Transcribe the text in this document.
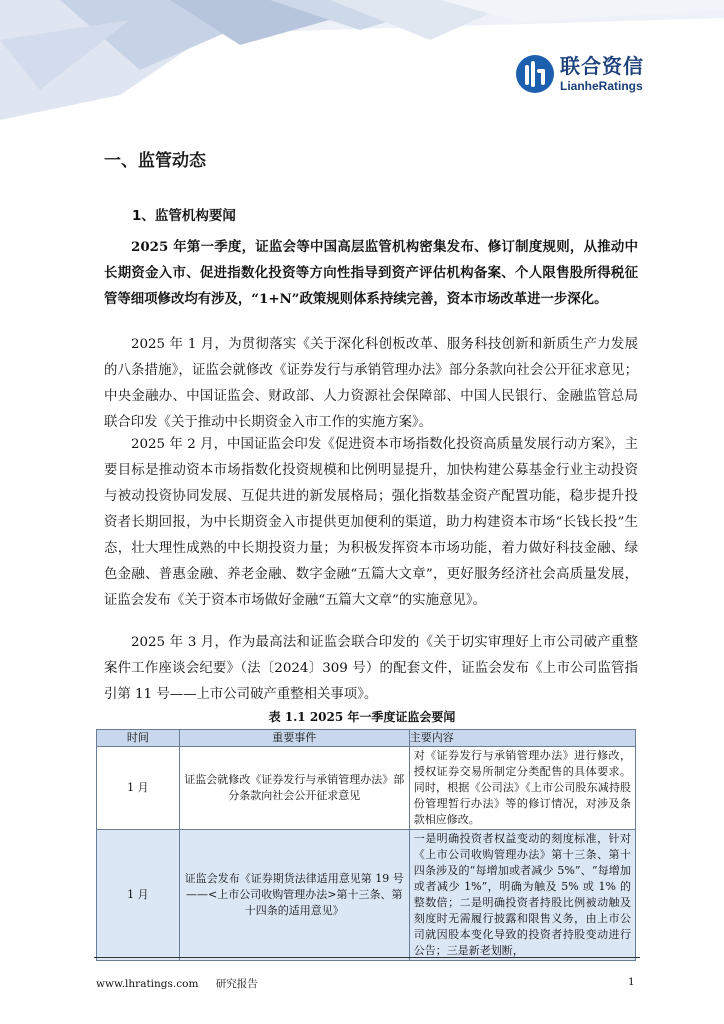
联合资信
LianheRatings
一、监管动态
1、监管机构要闻

2025 年第一季度，证监会等中国高层监管机构密集发布、修订制度规则，从推动中长期资金入市、促进指数化投资等方向性指导到资产评估机构备案、个人限售股所得税征管等细项修改均有涉及，“1+N”政策规则体系持续完善，资本市场改革进一步深化。

2025 年 1 月，为贯彻落实《关于深化科创板改革、服务科技创新和新质生产力发展的八条措施》，证监会就修改《证券发行与承销管理办法》部分条款向社会公开征求意见；中央金融办、中国证监会、财政部、人力资源社会保障部、中国人民银行、金融监管总局联合印发《关于推动中长期资金入市工作的实施方案》。

2025 年 2 月，中国证监会印发《促进资本市场指数化投资高质量发展行动方案》，主要目标是推动资本市场指数化投资规模和比例明显提升，加快构建公募基金行业主动投资与被动投资协同发展、互促共进的新发展格局；强化指数基金资产配置功能，稳步提升投资者长期回报，为中长期资金入市提供更加便利的渠道，助力构建资本市场“长钱长投”生态，壮大理性成熟的中长期投资力量；为积极发挥资本市场功能，着力做好科技金融、绿色金融、普惠金融、养老金融、数字金融“五篇大文章”，更好服务经济社会高质量发展，证监会发布《关于资本市场做好金融“五篇大文章”的实施意见》。

2025 年 3 月，作为最高法和证监会联合印发的《关于切实审理好上市公司破产重整案件工作座谈会纪要》（法〔2024〕309 号）的配套文件，证监会发布《上市公司监管指引第 11 号——上市公司破产重整相关事项》。

表 1.1 2025 年一季度证监会要闻
时间	重要事件	主要内容
1 月	证监会就修改《证券发行与承销管理办法》部分条款向社会公开征求意见	对《证券发行与承销管理办法》进行修改，授权证券交易所制定分类配售的具体要求。同时，根据《公司法》《上市公司股东减持股份管理暂行办法》等的修订情况，对涉及条款相应修改。
1 月	证监会发布《证券期货法律适用意见第 19 号——<上市公司收购管理办法>第十三条、第十四条的适用意见》	一是明确投资者权益变动的刻度标准，针对《上市公司收购管理办法》第十三条、第十四条涉及的“每增加或者减少 5%”、“每增加或者减少 1%”，明确为触及 5% 或 1% 的整数倍；二是明确投资者持股比例被动触及刻度时无需履行披露和限售义务，由上市公司就因股本变化导致的投资者持股变动进行公告；三是新老划断，
www.lhratings.com 研究报告	1
